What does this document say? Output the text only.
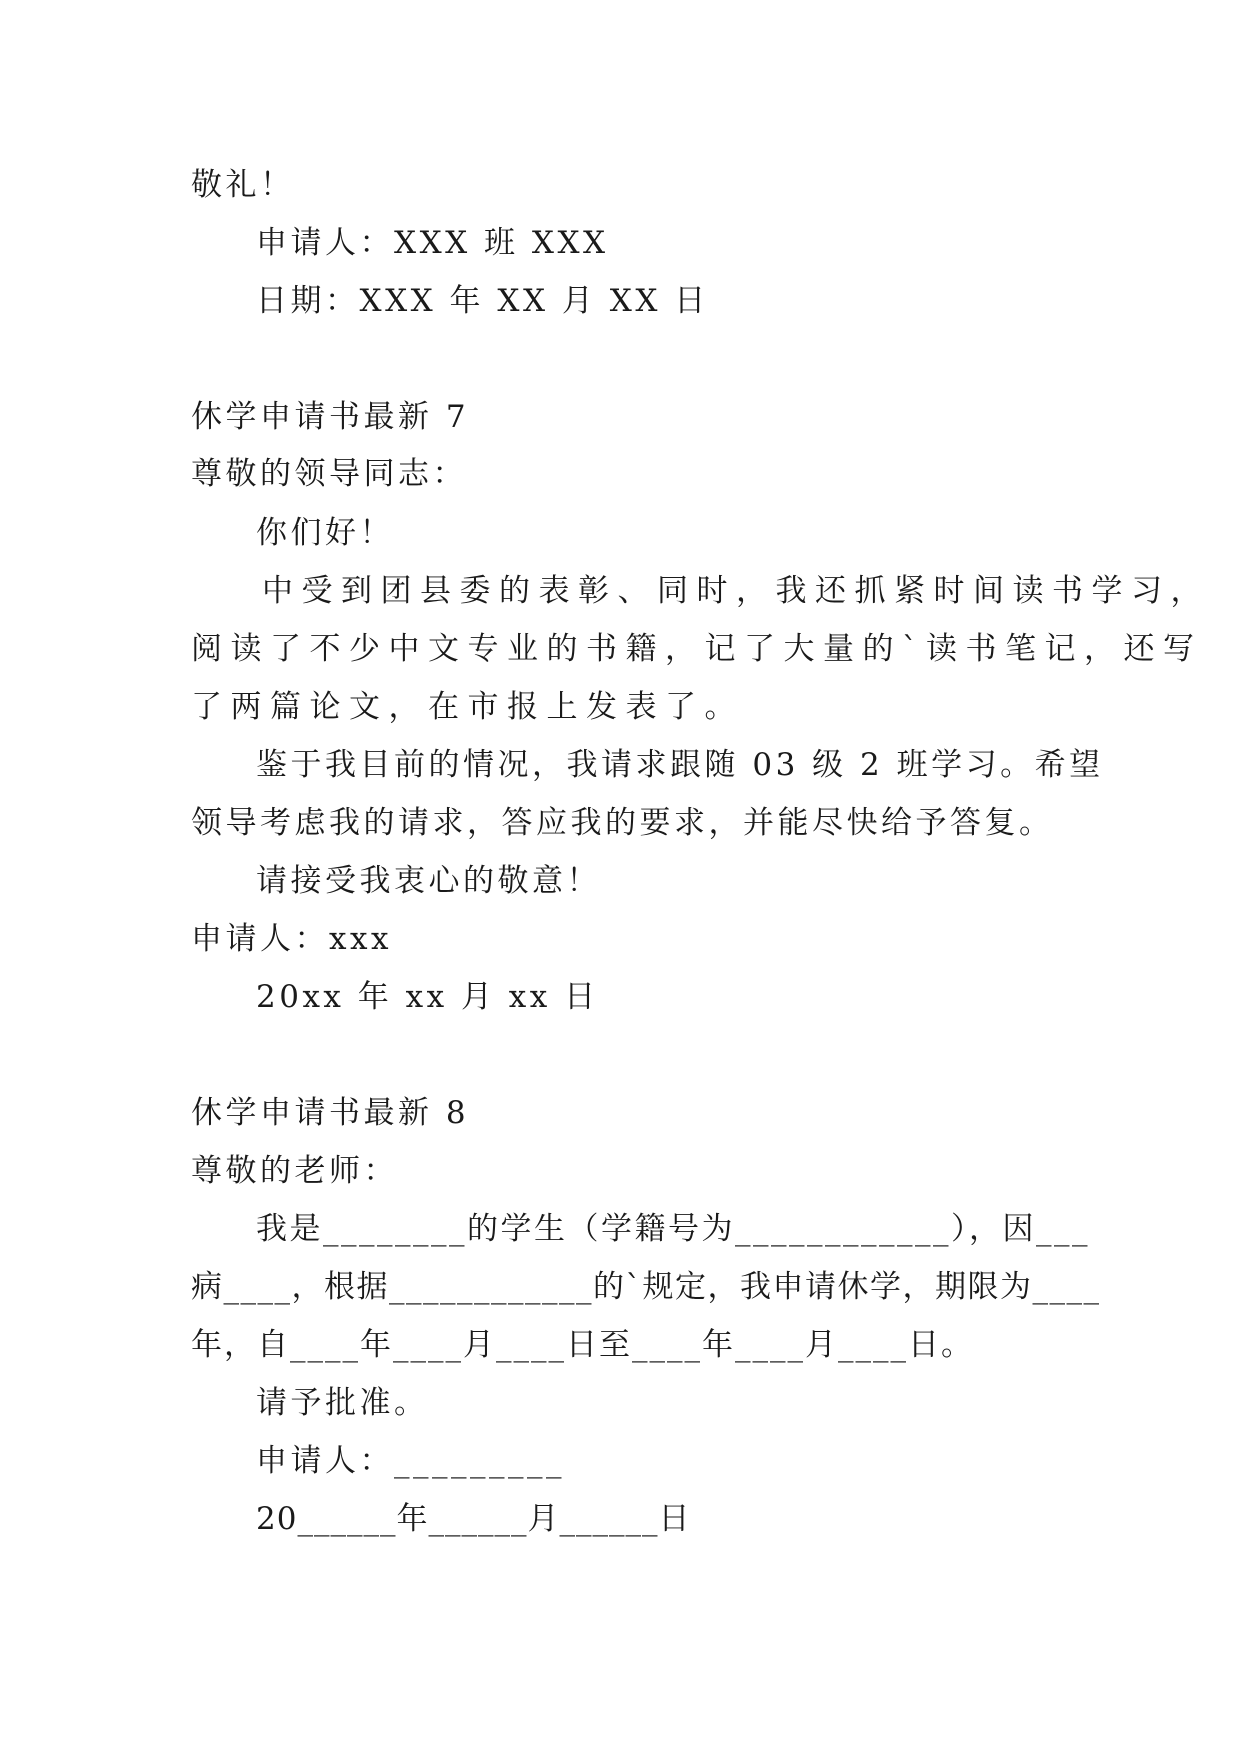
敬礼！
申请人：XXX 班 XXX
日期：XXX 年 XX 月 XX 日
休学申请书最新 7
尊敬的领导同志：
你们好！
中受到团县委的表彰、同时，我还抓紧时间读书学习，
阅读了不少中文专业的书籍，记了大量的`读书笔记，还写
了两篇论文，在市报上发表了。
鉴于我目前的情况，我请求跟随 03 级 2 班学习。希望
领导考虑我的请求，答应我的要求，并能尽快给予答复。
请接受我衷心的敬意！
申请人：xxx
20xx 年 xx 月 xx 日
休学申请书最新 8
尊敬的老师：
我是________的学生（学籍号为____________），因___
病____，根据____________的`规定，我申请休学，期限为____
年，自____年____月____日至____年____月____日。
请予批准。
申请人：_________
20______年______月______日
